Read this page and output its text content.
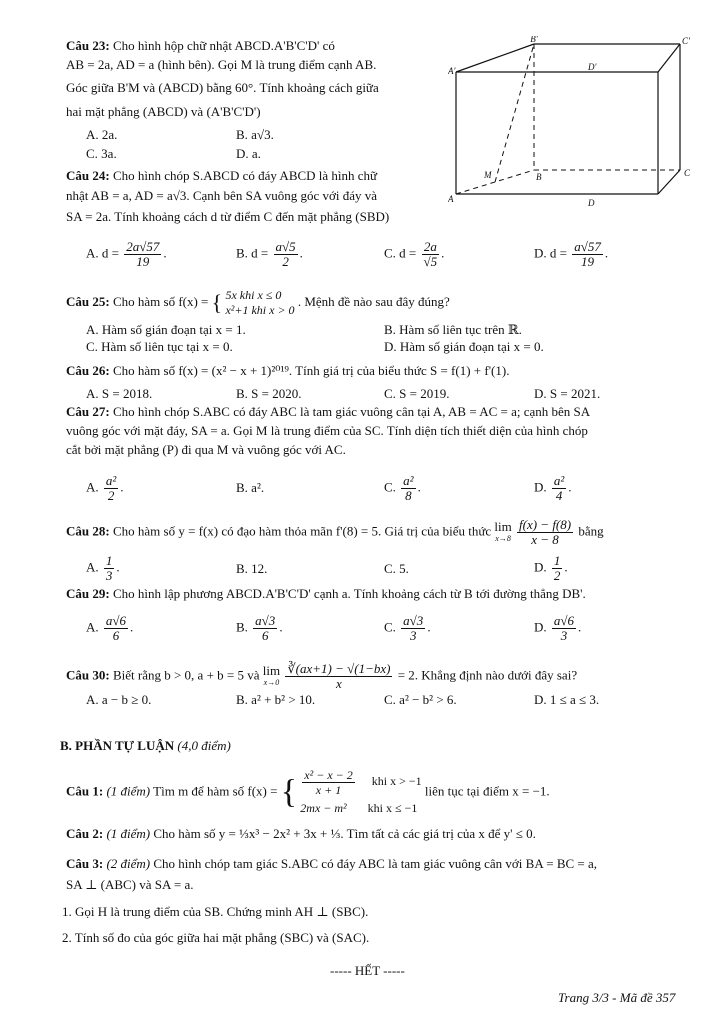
Câu 23: Cho hình hộp chữ nhật ABCD.A'B'C'D' có
AB = 2a, AD = a (hình bên). Gọi M là trung điểm cạnh AB.
Góc giữa B'M và (ABCD) bằng 60°. Tính khoảng cách giữa
hai mặt phẳng (ABCD) và (A'B'C'D')
A. 2a.	B. a√3.
C. 3a.	D. a.
B'	C'
A'	D'
M	B	C
A	D
Câu 24: Cho hình chóp S.ABCD có đáy ABCD là hình chữ
nhật AB = a, AD = a√3. Cạnh bên SA vuông góc với đáy và
SA = 2a. Tính khoảng cách d từ điểm C đến mặt phẳng (SBD)
A. $d = \frac{2a√57}{19}$ .	B. $d = \frac{a√5}{2}$ .	C. $d = \frac{2a}{√5}$ .	D. $d = \frac{a√57}{19}$ .
Câu 25: Cho hàm số f(x) = { 5x khi x ≤ 0
x²+1 khi x > 0
. Mệnh đề nào sau đây đúng?
A. Hàm số gián đoạn tại x = 1.	B. Hàm số liên tục trên ℝ.
C. Hàm số liên tục tại x = 0.	D. Hàm số gián đoạn tại x = 0.
Câu 26: Cho hàm số f(x) = (x² − x + 1)²⁰¹⁹. Tính giá trị của biểu thức S = f(1) + f'(1).
A. S = 2018.	B. S = 2020.	C. S = 2019.	D. S = 2021.
Câu 27: Cho hình chóp S.ABC có đáy ABC là tam giác vuông cân tại A, AB = AC = a; cạnh bên SA
vuông góc với mặt đáy, SA = a. Gọi M là trung điểm của SC. Tính diện tích thiết diện của hình chóp
cắt bởi mặt phẳng (P) đi qua M và vuông góc với AC.
A. $\frac{\text{a²}}{2}$ .	B. a².	C. $\frac{\text{a²}}{8}$ .	D. $\frac{\text{a²}}{4}$ .
Câu 28: Cho hàm số y = f(x) có đạo hàm thỏa mãn f'(8) = 5. Giá trị của biểu thức lim
x→8
$\frac{f(x) - f(8)}{x - 8}$ bằng
A. $\frac{1}{3}$ .	B. 12.	C. 5.	D. $\frac{1}{2}$ .
Câu 29: Cho hình lập phương ABCD.A'B'C'D' cạnh a. Tính khoảng cách từ B tới đường thẳng DB'.
A. $\frac{a√6}{6}$ .	B. $\frac{a√3}{6}$ .	C. $\frac{a√3}{3}$ .	D. $\frac{a√6}{3}$ .
Câu 30: Biết rằng b > 0, a + b = 5 và lim
x→0
$\frac{∛(ax+1) - √(1-bx)}{x} = 2$. Khẳng định nào dưới đây sai?
A. a − b ≥ 0.	B. a² + b² > 10.	C. a² − b² > 6.	D. 1 ≤ a ≤ 3.
B. PHẦN TỰ LUẬN (4,0 điểm)
Câu 1: (1 điểm) Tìm m để hàm số f(x) = { $\frac{\text{x² − x − 2}}{x + 1}$ khi x > −1
2mx − m² khi x ≤ −1
liên tục tại điểm x = −1.
Câu 2: (1 điểm) Cho hàm số y = ⅓x³ − 2x² + 3x + ⅓. Tìm tất cả các giá trị của x để y' ≤ 0.
Câu 3: (2 điểm) Cho hình chóp tam giác S.ABC có đáy ABC là tam giác vuông cân với BA = BC = a,
SA ⊥ (ABC) và SA = a.
1. Gọi H là trung điểm của SB. Chứng minh AH ⊥ (SBC).
2. Tính số đo của góc giữa hai mặt phẳng (SBC) và (SAC).
----- HẾT -----
Trang 3/3 - Mã đề 357
